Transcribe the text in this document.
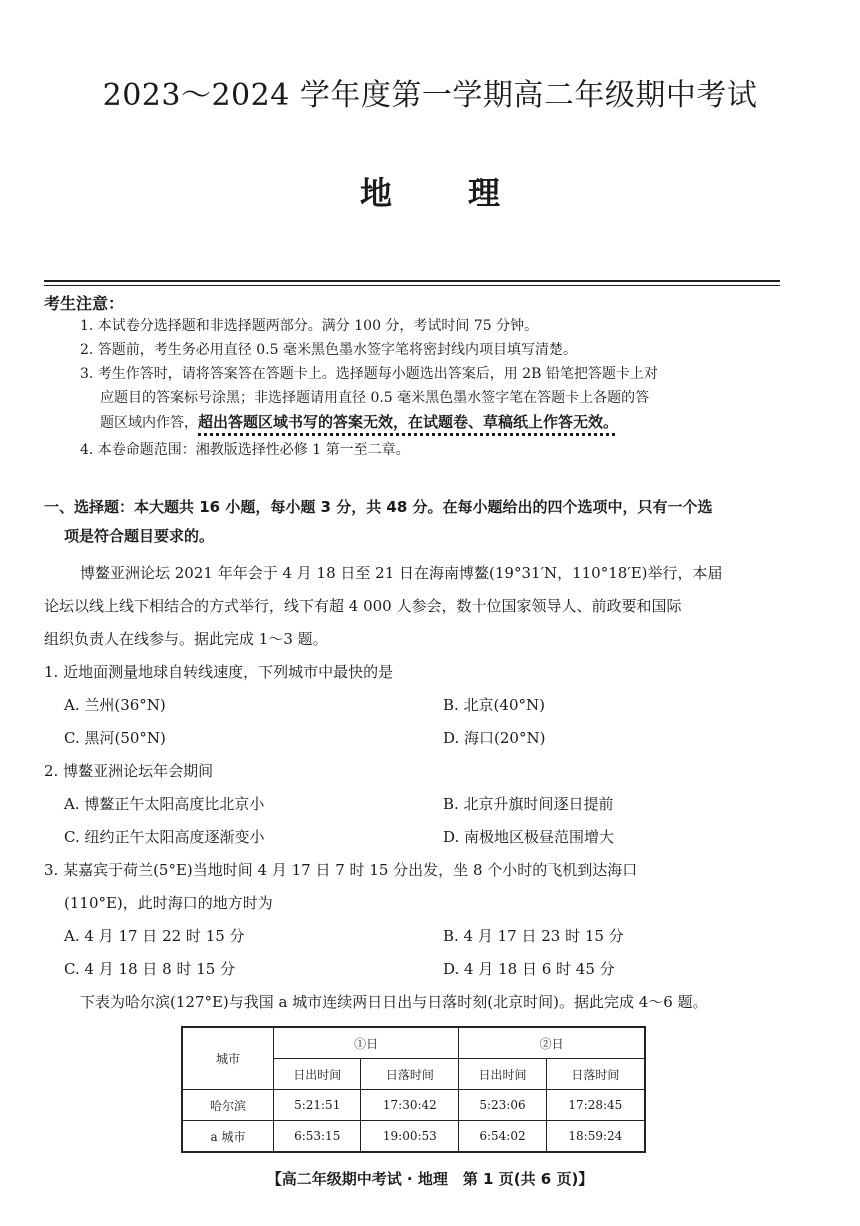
2023～2024 学年度第一学期高二年级期中考试
地 理
考生注意：
1. 本试卷分选择题和非选择题两部分。满分 100 分，考试时间 75 分钟。
2. 答题前，考生务必用直径 0.5 毫米黑色墨水签字笔将密封线内项目填写清楚。
3. 考生作答时，请将答案答在答题卡上。选择题每小题选出答案后，用 2B 铅笔把答题卡上对
应题目的答案标号涂黑；非选择题请用直径 0.5 毫米黑色墨水签字笔在答题卡上各题的答
题区域内作答，超出答题区域书写的答案无效，在试题卷、草稿纸上作答无效。
4. 本卷命题范围：湘教版选择性必修 1 第一至二章。
一、选择题：本大题共 16 小题，每小题 3 分，共 48 分。在每小题给出的四个选项中，只有一个选
项是符合题目要求的。
博鳌亚洲论坛 2021 年年会于 4 月 18 日至 21 日在海南博鳌(19°31′N，110°18′E)举行，本届
论坛以线上线下相结合的方式举行，线下有超 4 000 人参会，数十位国家领导人、前政要和国际
组织负责人在线参与。据此完成 1～3 题。
1. 近地面测量地球自转线速度，下列城市中最快的是
A. 兰州(36°N)	B. 北京(40°N)
C. 黑河(50°N)	D. 海口(20°N)
2. 博鳌亚洲论坛年会期间
A. 博鳌正午太阳高度比北京小	B. 北京升旗时间逐日提前
C. 纽约正午太阳高度逐渐变小	D. 南极地区极昼范围增大
3. 某嘉宾于荷兰(5°E)当地时间 4 月 17 日 7 时 15 分出发，坐 8 个小时的飞机到达海口
(110°E)，此时海口的地方时为
A. 4 月 17 日 22 时 15 分	B. 4 月 17 日 23 时 15 分
C. 4 月 18 日 8 时 15 分	D. 4 月 18 日 6 时 45 分
下表为哈尔滨(127°E)与我国 a 城市连续两日日出与日落时刻(北京时间)。据此完成 4～6 题。
城市	①日		②日	
	日出时间	日落时间	日出时间	日落时间
哈尔滨	5:21:51	17:30:42	5:23:06	17:28:45
a 城市	6:53:15	19:00:53	6:54:02	18:59:24
【高二年级期中考试 · 地理　第 1 页(共 6 页)】
